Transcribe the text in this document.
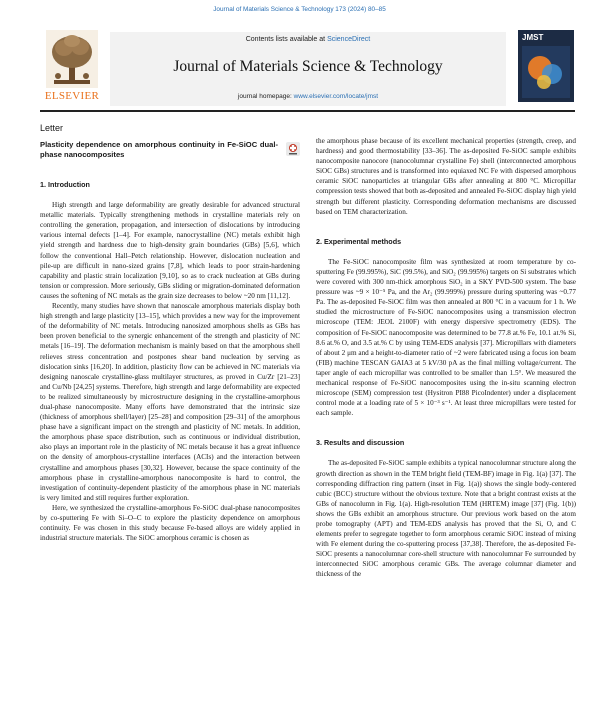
Journal of Materials Science & Technology 173 (2024) 80–85
ELSEVIER
Contents lists available at ScienceDirect
Journal of Materials Science & Technology
journal homepage: www.elsevier.com/locate/jmst
JMST
Letter
Plasticity dependence on amorphous continuity in Fe-SiOC dual-phase nanocomposites
1. Introduction

High strength and large deformability are greatly desirable for advanced structural metallic materials. Typically strengthening methods in crystalline materials rely on controlling the generation, propagation, and intersection of dislocations by introducing various internal defects [1–4]. For example, nanocrystalline (NC) metals exhibit high yield strength and hardness due to high-density grain boundaries (GBs) [5,6], which follow the conventional Hall–Petch relationship. However, dislocation nucleation and pile-up are difficult in nano-sized grains [7,8], which leads to poor strain-hardening capability and plastic strain localization [9,10], so as to crack nucleation at GBs during tension or compression. More seriously, GBs sliding or migration-dominated deformation causes the softening of NC metals as the grain size decreases to below ~20 nm [11,12].

Recently, many studies have shown that nanoscale amorphous materials display both high strength and large plasticity [13–15], which provides a new way for the improvement of the deformability of NC metals. Introducing nanosized amorphous shells as GBs has been proven beneficial to the synergic enhancement of the strength and plasticity of NC metals [16–19]. The deformation mechanism is mainly based on that the amorphous shell relieves stress concentration and postpones shear band nucleation by serving as dislocation sinks [16,20]. In addition, plasticity flow can be achieved in NC materials via designing nanoscale crystalline-glass multilayer structures, as proved in Cu/Zr [21–23] and Cu/Nb [24,25] systems. Therefore, high strength and large deformability are expected to be realized simultaneously by microstructure designing in the crystalline-amorphous dual-phase nanocomposite. Many efforts have demonstrated that the intrinsic size (thickness of amorphous shell/layer) [25–28] and composition [29–31] of the amorphous phase have a significant impact on the strength and plasticity of NC metals. In addition, the amorphous phase space distribution, such as continuous or individual distribution, also plays an important role in the plasticity of NC metals because it has a great influence on the density of amorphous-crystalline interfaces (ACIs) and the interaction between crystalline and amorphous phases [30,32]. However, because the space continuity of the amorphous phase in crystalline-amorphous nanocomposite is hard to control, the investigation of continuity-dependent plasticity of the amorphous phase in NC materials is very limited and still requires further exploration.

Here, we synthesized the crystalline-amorphous Fe-SiOC dual-phase nanocomposites by co-sputtering Fe with Si–O–C to explore the plasticity dependence on amorphous continuity. Fe was chosen in this study because Fe-based alloys are widely applied in industrial structure materials. The SiOC amorphous ceramic is chosen as

the amorphous phase because of its excellent mechanical properties (strength, creep, and hardness) and good thermostability [33–36]. The as-deposited Fe-SiOC sample exhibits nanocomposite nanocore (nanocolumnar crystalline Fe) shell (interconnected amorphous SiOC GBs) structures and is transformed into equiaxed NC Fe with dispersed amorphous ceramic SiOC nanoparticles at triangular GBs after annealing at 800 °C. Micropillar compression tests showed that both as-deposited and annealed Fe-SiOC display high yield strength but different plasticity. Corresponding deformation mechanisms are discussed based on TEM characterization.

2. Experimental methods

The Fe-SiOC nanocomposite film was synthesized at room temperature by co-sputtering Fe (99.995%), SiC (99.5%), and SiO₂ (99.995%) targets on Si substrates which were covered with 300 nm-thick amorphous SiO₂ in a SKY PVD-500 system. The base pressure was ~9 × 10⁻⁵ Pa, and the Ar₂ (99.999%) pressure during sputtering was ~0.77 Pa. The as-deposited Fe-SiOC film was then annealed at 800 °C in a vacuum for 1 h. We studied the microstructure of Fe-SiOC nanocomposites using a transmission electron microscope (TEM: JEOL 2100F) with energy dispersive spectrometry (EDS). The composition of Fe-SiOC nanocomposite was determined to be 77.8 at.% Fe, 10.1 at.% Si, 8.6 at.% O, and 3.5 at.% C by using TEM-EDS analysis [37]. Micropillars with diameters of about 2 μm and a height-to-diameter ratio of ~2 were fabricated using a focus ion beam (FIB) machine TESCAN GAIA3 at 5 kV/30 pA as the final milling voltage/current. The taper angle of each micropillar was controlled to be smaller than 1.5°. We measured the mechanical response of Fe-SiOC nanocomposites using the in-situ scanning electron microscope (SEM) compression test (Hysitron PI88 PicoIndenter) under a displacement control mode at a loading rate of 5 × 10⁻³ s⁻¹. At least three micropillars were tested for each sample.

3. Results and discussion

The as-deposited Fe-SiOC sample exhibits a typical nanocolumnar structure along the growth direction as shown in the TEM bright field (TEM-BF) image in Fig. 1(a) [37]. The corresponding diffraction ring pattern (inset in Fig. 1(a)) shows the single body-centered cubic (BCC) structure without the obvious texture. Note that a bright contrast exists at the GBs of nanocolumn in Fig. 1(a). High-resolution TEM (HRTEM) image [37] (Fig. 1(b)) shows the GBs exhibit an amorphous structure. Our previous work based on the atom probe tomography (APT) and TEM-EDS analysis has proved that the Si, O, and C elements prefer to segregate together to form amorphous ceramic SiOC instead of mixing with Fe element during the co-sputtering process [37,38]. Therefore, the as-deposited Fe-SiOC presents a nanocolumnar core-shell structure with nanocolumnar Fe surrounded by interconnected SiOC amorphous ceramic GBs. The average columnar diameter and thickness of the
